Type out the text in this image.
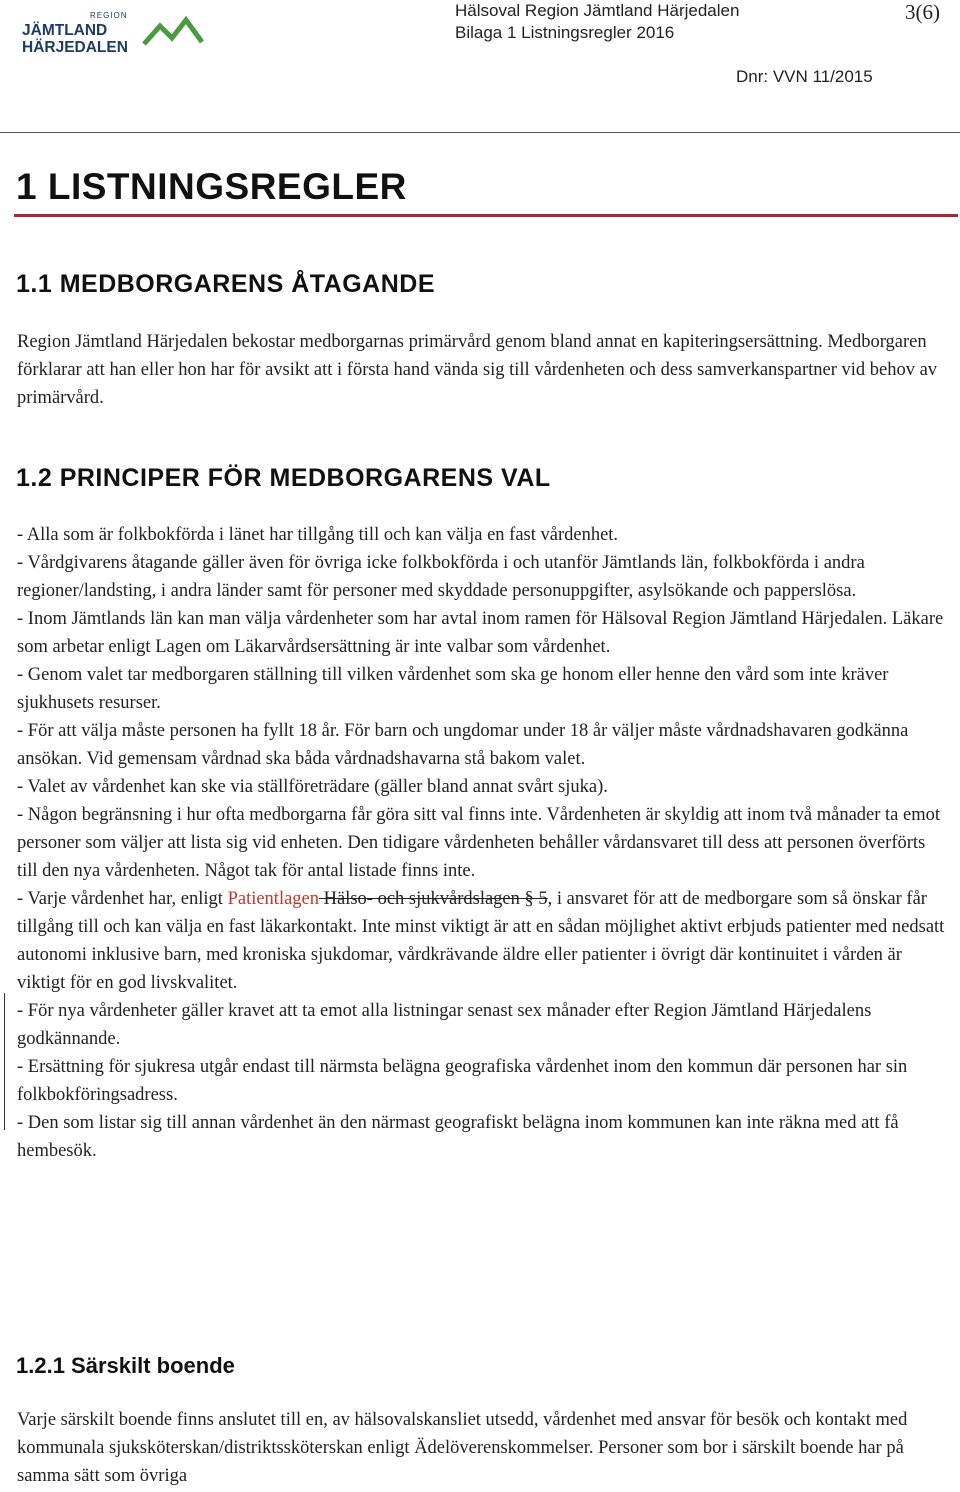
REGION
JÄMTLAND
HÄRJEDALEN
Hälsoval Region Jämtland Härjedalen
Bilaga 1 Listningsregler 2016
3(6)
Dnr: VVN 11/2015
1 LISTNINGSREGLER
1.1 MEDBORGARENS ÅTAGANDE

Region Jämtland Härjedalen bekostar medborgarnas primärvård genom bland annat en kapiteringsersättning. Medborgaren förklarar att han eller hon har för avsikt att i första hand vända sig till vårdenheten och dess samverkanspartner vid behov av primärvård.

1.2 PRINCIPER FÖR MEDBORGARENS VAL

- Alla som är folkbokförda i länet har tillgång till och kan välja en fast vårdenhet.

- Vårdgivarens åtagande gäller även för övriga icke folkbokförda i och utanför Jämtlands län, folkbokförda i andra regioner/landsting, i andra länder samt för personer med skyddade personuppgifter, asylsökande och papperslösa.

- Inom Jämtlands län kan man välja vårdenheter som har avtal inom ramen för Hälsoval Region Jämtland Härjedalen. Läkare som arbetar enligt Lagen om Läkarvårdsersättning är inte valbar som vårdenhet.

- Genom valet tar medborgaren ställning till vilken vårdenhet som ska ge honom eller henne den vård som inte kräver sjukhusets resurser.

- För att välja måste personen ha fyllt 18 år. För barn och ungdomar under 18 år väljer måste vårdnadshavaren godkänna ansökan. Vid gemensam vårdnad ska båda vårdnadshavarna stå bakom valet.

- Valet av vårdenhet kan ske via ställföreträdare (gäller bland annat svårt sjuka).

- Någon begränsning i hur ofta medborgarna får göra sitt val finns inte. Vårdenheten är skyldig att inom två månader ta emot personer som väljer att lista sig vid enheten. Den tidigare vårdenheten behåller vårdansvaret till dess att personen överförts till den nya vårdenheten. Något tak för antal listade finns inte.

- Varje vårdenhet har, enligt Patientlagen Hälso- och sjukvårdslagen § 5, i ansvaret för att de medborgare som så önskar får tillgång till och kan välja en fast läkarkontakt. Inte minst viktigt är att en sådan möjlighet aktivt erbjuds patienter med nedsatt autonomi inklusive barn, med kroniska sjukdomar, vårdkrävande äldre eller patienter i övrigt där kontinuitet i vården är viktigt för en god livskvalitet.

- För nya vårdenheter gäller kravet att ta emot alla listningar senast sex månader efter Region Jämtland Härjedalens godkännande.

- Ersättning för sjukresa utgår endast till närmsta belägna geografiska vårdenhet inom den kommun där personen har sin folkbokföringsadress.

- Den som listar sig till annan vårdenhet än den närmast geografiskt belägna inom kommunen kan inte räkna med att få hembesök.

1.2.1 Särskilt boende

Varje särskilt boende finns anslutet till en, av hälsovalskansliet utsedd, vårdenhet med ansvar för besök och kontakt med kommunala sjuksköterskan/distriktssköterskan enligt Ädelöverenskommelser. Personer som bor i särskilt boende har på samma sätt som övriga
